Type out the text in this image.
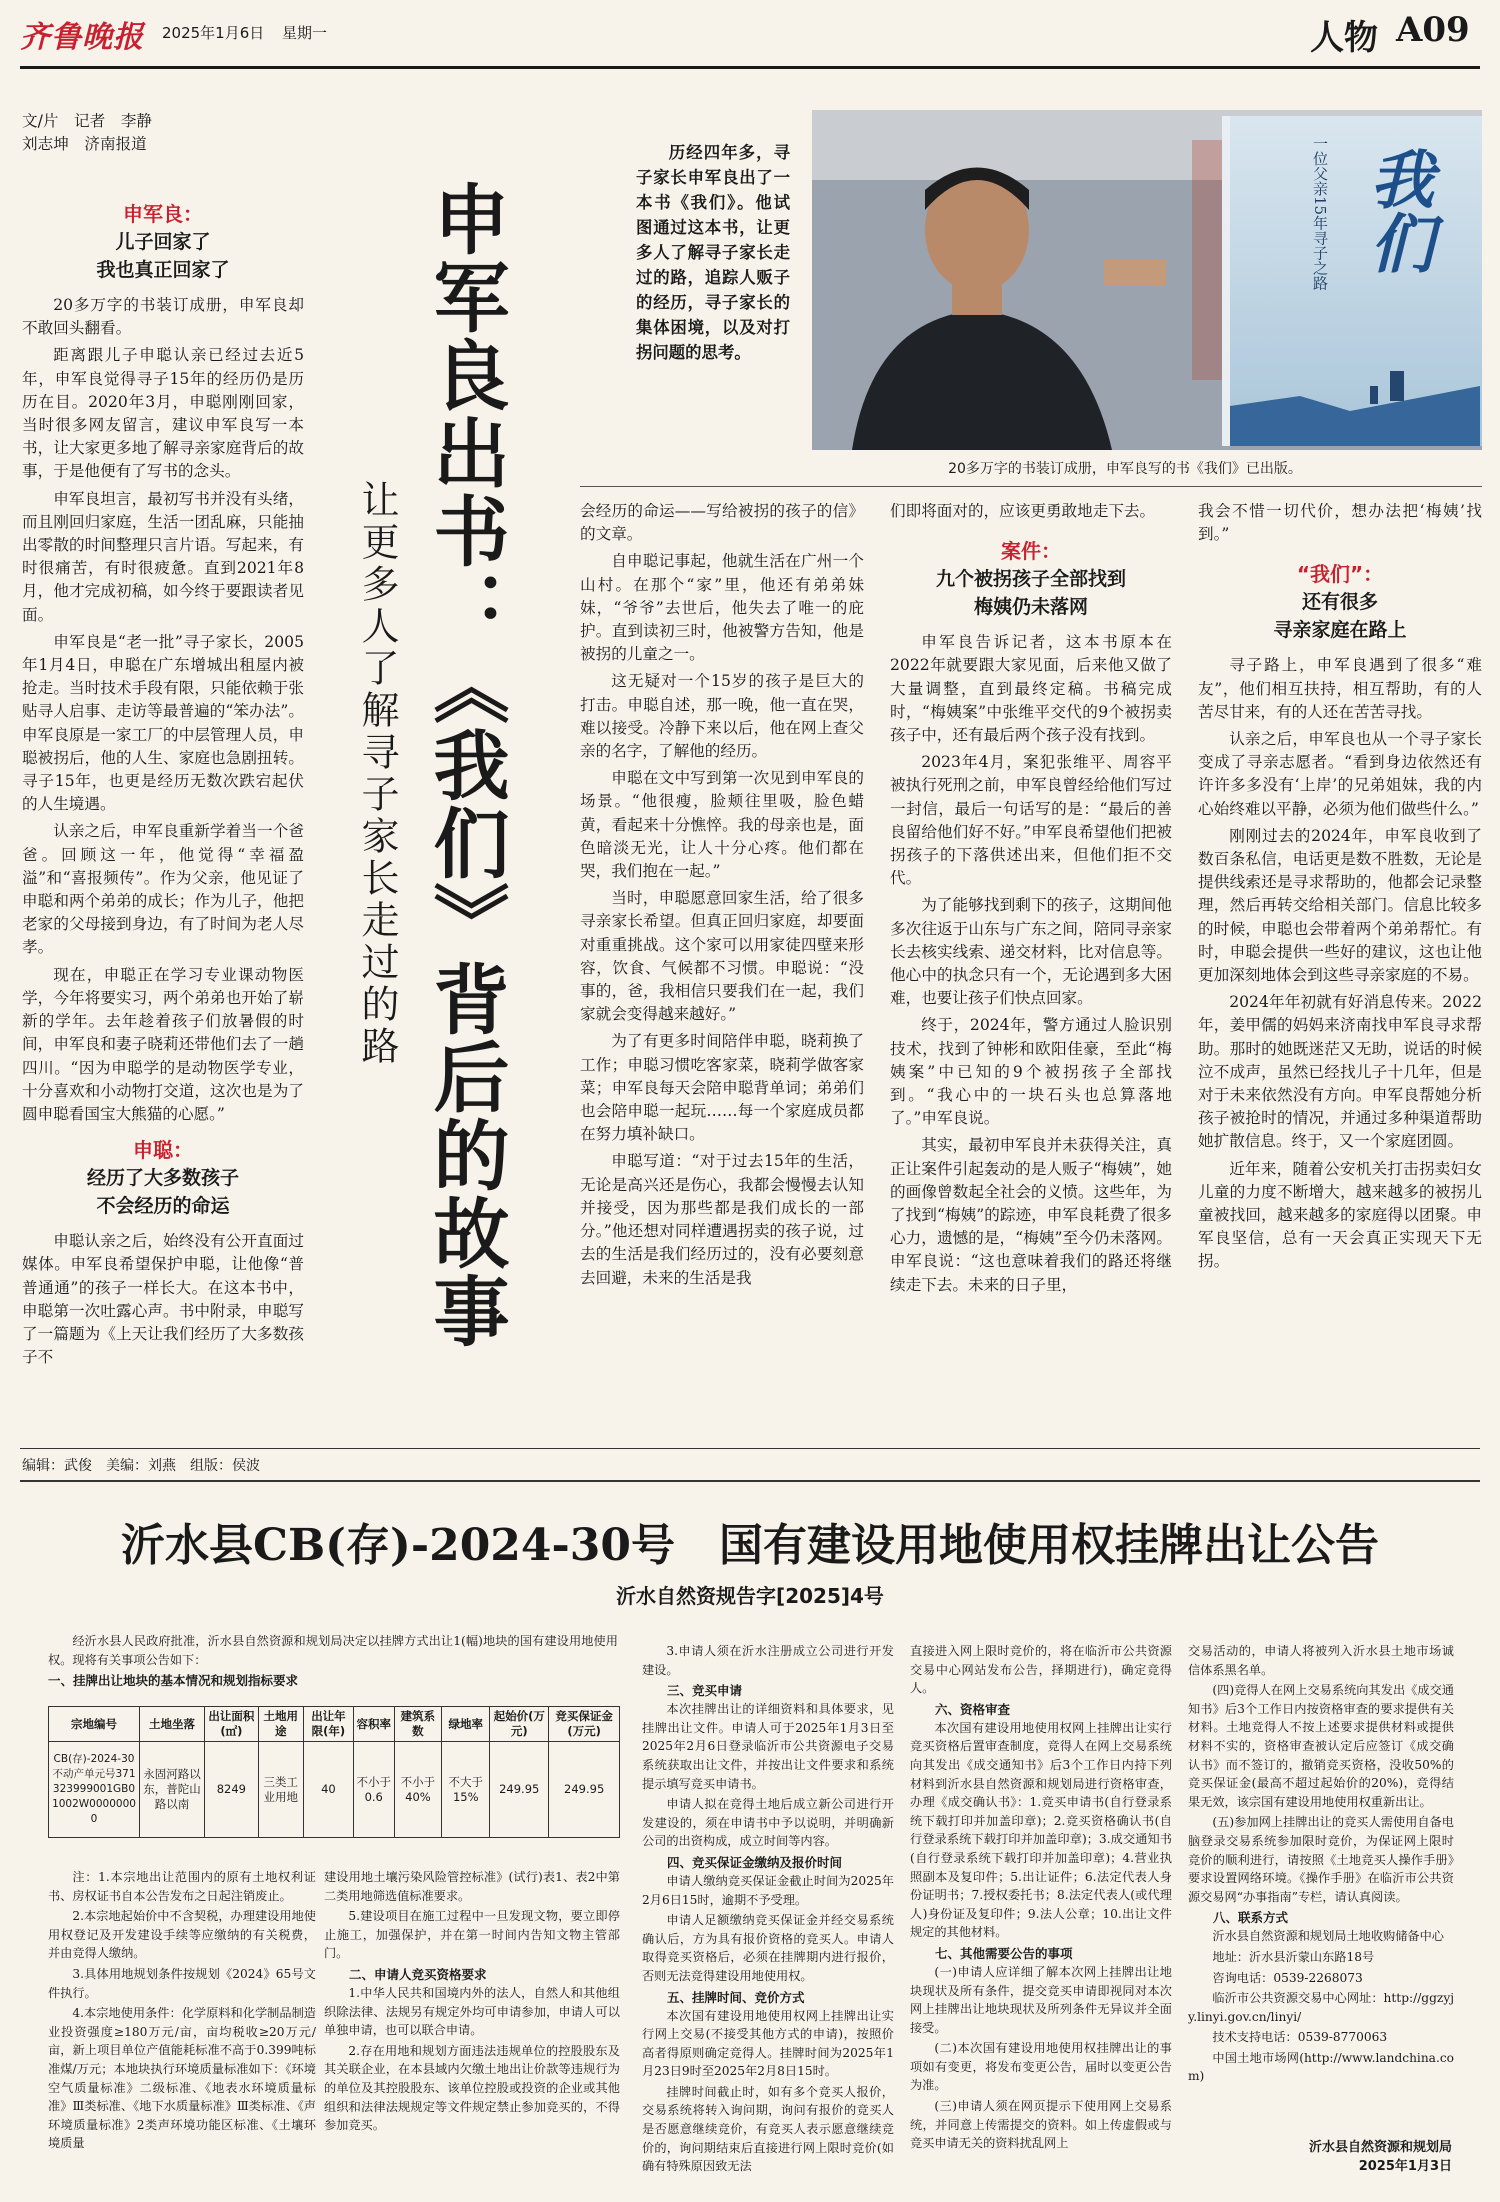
齐鲁晚报 2025年1月6日 星期一	人物 A09
文/片　记者　李静
刘志坤　济南报道
申军良：
儿子回家了
我也真正回家了

20多万字的书装订成册，申军良却不敢回头翻看。

距离跟儿子申聪认亲已经过去近5年，申军良觉得寻子15年的经历仍是历历在目。2020年3月，申聪刚刚回家，当时很多网友留言，建议申军良写一本书，让大家更多地了解寻亲家庭背后的故事，于是他便有了写书的念头。

申军良坦言，最初写书并没有头绪，而且刚回归家庭，生活一团乱麻，只能抽出零散的时间整理只言片语。写起来，有时很痛苦，有时很疲惫。直到2021年8月，他才完成初稿，如今终于要跟读者见面。

申军良是“老一批”寻子家长，2005年1月4日，申聪在广东增城出租屋内被抢走。当时技术手段有限，只能依赖于张贴寻人启事、走访等最普遍的“笨办法”。申军良原是一家工厂的中层管理人员，申聪被拐后，他的人生、家庭也急剧扭转。寻子15年，也更是经历无数次跌宕起伏的人生境遇。

认亲之后，申军良重新学着当一个爸爸。回顾这一年，他觉得“幸福盈溢”和“喜报频传”。作为父亲，他见证了申聪和两个弟弟的成长；作为儿子，他把老家的父母接到身边，有了时间为老人尽孝。

现在，申聪正在学习专业课动物医学，今年将要实习，两个弟弟也开始了崭新的学年。去年趁着孩子们放暑假的时间，申军良和妻子晓莉还带他们去了一趟四川。“因为申聪学的是动物医学专业，十分喜欢和小动物打交道，这次也是为了圆申聪看国宝大熊猫的心愿。”

申聪：
经历了大多数孩子
不会经历的命运

申聪认亲之后，始终没有公开直面过媒体。申军良希望保护申聪，让他像“普普通通”的孩子一样长大。在这本书中，申聪第一次吐露心声。书中附录，申聪写了一篇题为《上天让我们经历了大多数孩子不

申军良出书：《我们》背后的故事
让更多人了解寻子家长走过的路
历经四年多，寻子家长申军良出了一本书《我们》。他试图通过这本书，让更多人了解寻子家长走过的路，追踪人贩子的经历，寻子家长的集体困境，以及对打拐问题的思考。
我们
一位父亲15年寻子之路
20多万字的书装订成册，申军良写的书《我们》已出版。

会经历的命运——写给被拐的孩子的信》的文章。

自申聪记事起，他就生活在广州一个山村。在那个“家”里，他还有弟弟妹妹，“爷爷”去世后，他失去了唯一的庇护。直到读初三时，他被警方告知，他是被拐的儿童之一。

这无疑对一个15岁的孩子是巨大的打击。申聪自述，那一晚，他一直在哭，难以接受。冷静下来以后，他在网上查父亲的名字，了解他的经历。

申聪在文中写到第一次见到申军良的场景。“他很瘦，脸颊往里吸，脸色蜡黄，看起来十分憔悴。我的母亲也是，面色暗淡无光，让人十分心疼。他们都在哭，我们抱在一起。”

当时，申聪愿意回家生活，给了很多寻亲家长希望。但真正回归家庭，却要面对重重挑战。这个家可以用家徒四壁来形容，饮食、气候都不习惯。申聪说：“没事的，爸，我相信只要我们在一起，我们家就会变得越来越好。”

为了有更多时间陪伴申聪，晓莉换了工作；申聪习惯吃客家菜，晓莉学做客家菜；申军良每天会陪申聪背单词；弟弟们也会陪申聪一起玩……每一个家庭成员都在努力填补缺口。

申聪写道：“对于过去15年的生活，无论是高兴还是伤心，我都会慢慢去认知并接受，因为那些都是我们成长的一部分。”他还想对同样遭遇拐卖的孩子说，过去的生活是我们经历过的，没有必要刻意去回避，未来的生活是我

们即将面对的，应该更勇敢地走下去。

案件：
九个被拐孩子全部找到
梅姨仍未落网

申军良告诉记者，这本书原本在2022年就要跟大家见面，后来他又做了大量调整，直到最终定稿。书稿完成时，“梅姨案”中张维平交代的9个被拐卖孩子中，还有最后两个孩子没有找到。

2023年4月，案犯张维平、周容平被执行死刑之前，申军良曾经给他们写过一封信，最后一句话写的是：“最后的善良留给他们好不好。”申军良希望他们把被拐孩子的下落供述出来，但他们拒不交代。

为了能够找到剩下的孩子，这期间他多次往返于山东与广东之间，陪同寻亲家长去核实线索、递交材料，比对信息等。他心中的执念只有一个，无论遇到多大困难，也要让孩子们快点回家。

终于，2024年，警方通过人脸识别技术，找到了钟彬和欧阳佳豪，至此“梅姨案”中已知的9个被拐孩子全部找到。“我心中的一块石头也总算落地了。”申军良说。

其实，最初申军良并未获得关注，真正让案件引起轰动的是人贩子“梅姨”，她的画像曾数起全社会的义愤。这些年，为了找到“梅姨”的踪迹，申军良耗费了很多心力，遗憾的是，“梅姨”至今仍未落网。申军良说：“这也意味着我们的路还将继续走下去。未来的日子里，

我会不惜一切代价，想办法把‘梅姨’找到。”

“我们”：
还有很多
寻亲家庭在路上

寻子路上，申军良遇到了很多“难友”，他们相互扶持，相互帮助，有的人苦尽甘来，有的人还在苦苦寻找。

认亲之后，申军良也从一个寻子家长变成了寻亲志愿者。“看到身边依然还有许许多多没有‘上岸’的兄弟姐妹，我的内心始终难以平静，必须为他们做些什么。”

刚刚过去的2024年，申军良收到了数百条私信，电话更是数不胜数，无论是提供线索还是寻求帮助的，他都会记录整理，然后再转交给相关部门。信息比较多的时候，申聪也会带着两个弟弟帮忙。有时，申聪会提供一些好的建议，这也让他更加深刻地体会到这些寻亲家庭的不易。

2024年年初就有好消息传来。2022年，姜甲儒的妈妈来济南找申军良寻求帮助。那时的她既迷茫又无助，说话的时候泣不成声，虽然已经找儿子十几年，但是对于未来依然没有方向。申军良帮她分析孩子被抢时的情况，并通过多种渠道帮助她扩散信息。终于，又一个家庭团圆。

近年来，随着公安机关打击拐卖妇女儿童的力度不断增大，越来越多的被拐儿童被找回，越来越多的家庭得以团聚。申军良坚信，总有一天会真正实现天下无拐。

编辑：武俊　美编：刘燕　组版：侯波
沂水县CB(存)-2024-30号　国有建设用地使用权挂牌出让公告
沂水自然资规告字[2025]4号

经沂水县人民政府批准，沂水县自然资源和规划局决定以挂牌方式出让1(幅)地块的国有建设用地使用权。现将有关事项公告如下：

一、挂牌出让地块的基本情况和规划指标要求
宗地编号	土地坐落	出让面积(㎡)	土地用途	出让年限(年)	容积率	建筑系数	绿地率	起始价(万元)	竞买保证金(万元)
CB(存)-2024-30不动产单元号371323999001GB01002W00000000	永固河路以东，普陀山路以南	8249	三类工业用地	40	不小于0.6	不小于40%	不大于15%	249.95	249.95

注：1.本宗地出让范围内的原有土地权利证书、房权证书自本公告发布之日起注销废止。

2.本宗地起始价中不含契税，办理建设用地使用权登记及开发建设手续等应缴纳的有关税费，并由竞得人缴纳。

3.具体用地规划条件按规划《2024》65号文件执行。

4.本宗地使用条件：化学原料和化学制品制造业投资强度≥180万元/亩，亩均税收≥20万元/亩，新上项目单位产值能耗标准不高于0.399吨标准煤/万元；本地块执行环境质量标准如下：《环境空气质量标准》二级标准、《地表水环境质量标准》Ⅲ类标准、《地下水质量标准》Ⅲ类标准、《声环境质量标准》2类声环境功能区标准、《土壤环境质量

建设用地土壤污染风险管控标准》(试行)表1、表2中第二类用地筛选值标准要求。

5.建设项目在施工过程中一旦发现文物，要立即停止施工，加强保护，并在第一时间内告知文物主管部门。

二、申请人竞买资格要求

1.中华人民共和国境内外的法人，自然人和其他组织除法律、法规另有规定外均可申请参加，申请人可以单独申请，也可以联合申请。

2.存在用地和规划方面违法违规单位的控股股东及其关联企业，在本县域内欠缴土地出让价款等违规行为的单位及其控股股东、该单位控股或投资的企业或其他组织和法律法规规定等文件规定禁止参加竞买的，不得参加竞买。

3.申请人须在沂水注册成立公司进行开发建设。

三、竞买申请

本次挂牌出让的详细资料和具体要求，见挂牌出让文件。申请人可于2025年1月3日至2025年2月6日登录临沂市公共资源电子交易系统获取出让文件，并按出让文件要求和系统提示填写竞买申请书。

申请人拟在竞得土地后成立新公司进行开发建设的，须在申请书中予以说明，并明确新公司的出资构成，成立时间等内容。

四、竞买保证金缴纳及报价时间

申请人缴纳竞买保证金截止时间为2025年2月6日15时，逾期不予受理。

申请人足额缴纳竞买保证金并经交易系统确认后，方为具有报价资格的竞买人。申请人取得竞买资格后，必须在挂牌期内进行报价，否则无法竞得建设用地使用权。

五、挂牌时间、竞价方式

本次国有建设用地使用权网上挂牌出让实行网上交易(不接受其他方式的申请)，按照价高者得原则确定竞得人。挂牌时间为2025年1月23日9时至2025年2月8日15时。

挂牌时间截止时，如有多个竞买人报价，交易系统将转入询问期，询问有报价的竞买人是否愿意继续竞价，有竞买人表示愿意继续竞价的，询问期结束后直接进行网上限时竞价(如确有特殊原因致无法

直接进入网上限时竞价的，将在临沂市公共资源交易中心网站发布公告，择期进行)，确定竞得人。

六、资格审查

本次国有建设用地使用权网上挂牌出让实行竞买资格后置审查制度，竞得人在网上交易系统向其发出《成交通知书》后3个工作日内持下列材料到沂水县自然资源和规划局进行资格审查，办理《成交确认书》：1.竞买申请书(自行登录系统下载打印并加盖印章)；2.竞买资格确认书(自行登录系统下载打印并加盖印章)；3.成交通知书(自行登录系统下载打印并加盖印章)；4.营业执照副本及复印件；5.出让证件；6.法定代表人身份证明书；7.授权委托书；8.法定代表人(或代理人)身份证及复印件；9.法人公章；10.出让文件规定的其他材料。

七、其他需要公告的事项

(一)申请人应详细了解本次网上挂牌出让地块现状及所有条件，提交竞买申请即视同对本次网上挂牌出让地块现状及所列条件无异议并全面接受。

(二)本次国有建设用地使用权挂牌出让的事项如有变更，将发布变更公告，届时以变更公告为准。

(三)申请人须在网页提示下使用网上交易系统，并同意上传需提交的资料。如上传虚假或与竞买申请无关的资料扰乱网上

交易活动的，申请人将被列入沂水县土地市场诚信体系黑名单。

(四)竞得人在网上交易系统向其发出《成交通知书》后3个工作日内按资格审查的要求提供有关材料。土地竞得人不按上述要求提供材料或提供材料不实的，资格审查被认定后应签订《成交确认书》而不签订的，撤销竞买资格，没收50%的竞买保证金(最高不超过起始价的20%)，竞得结果无效，该宗国有建设用地使用权重新出让。

(五)参加网上挂牌出让的竞买人需使用自备电脑登录交易系统参加限时竞价，为保证网上限时竞价的顺利进行，请按照《土地竞买人操作手册》要求设置网络环境。《操作手册》在临沂市公共资源交易网“办事指南”专栏，请认真阅读。

八、联系方式

沂水县自然资源和规划局土地收购储备中心

地址：沂水县沂蒙山东路18号

咨询电话：0539-2268073

临沂市公共资源交易中心网址：http://ggzyjy.linyi.gov.cn/linyi/

技术支持电话：0539-8770063

中国土地市场网(http://www.landchina.com)

沂水县自然资源和规划局
2025年1月3日
